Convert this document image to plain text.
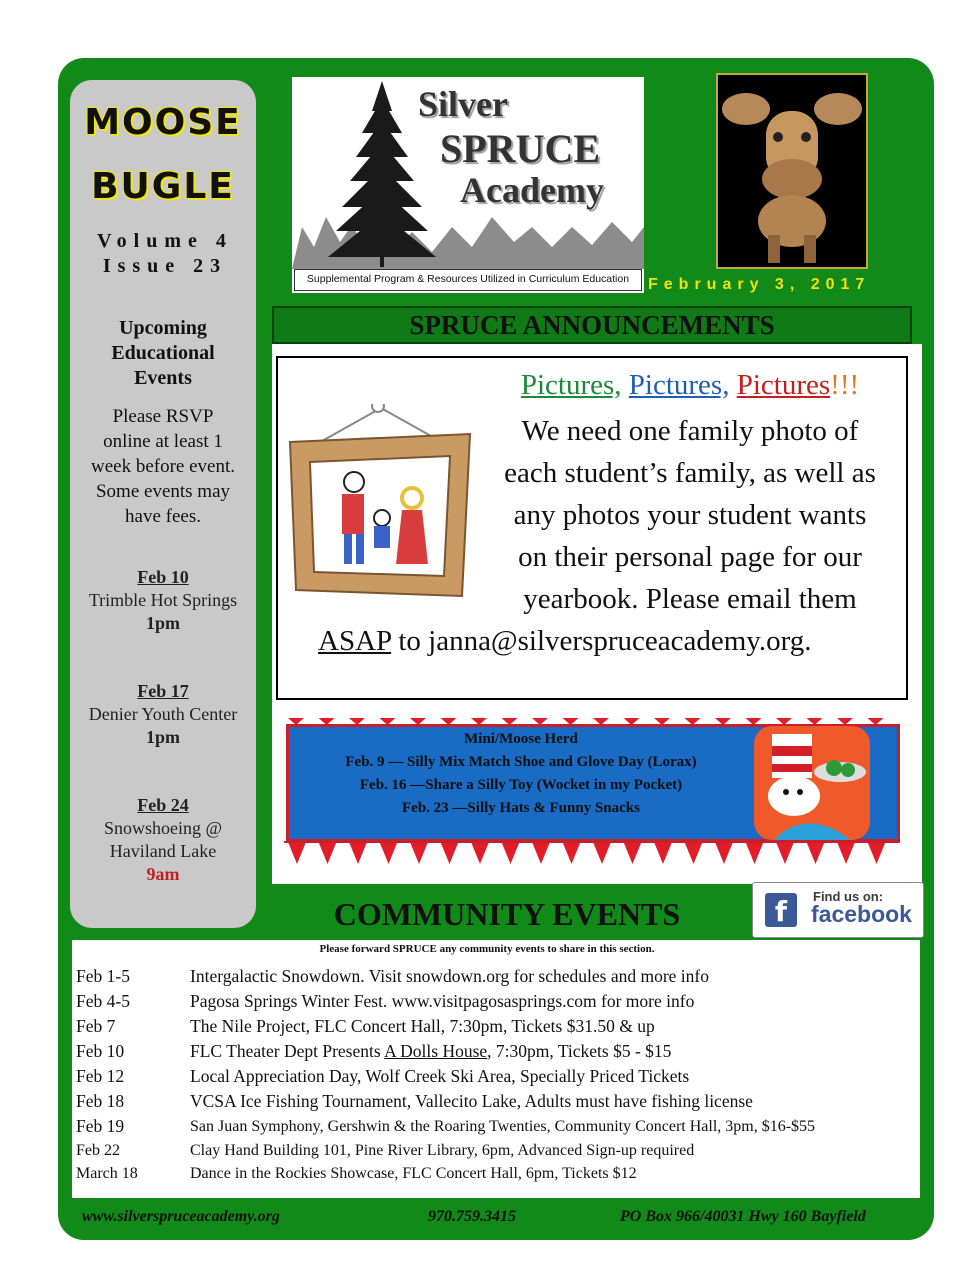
MOOSE
BUGLE
Volume 4
Issue 23
Upcoming
Educational
Events
Please RSVP
online at least 1
week before event.
Some events may
have fees.
Feb 10
Trimble Hot Springs
1pm
Feb 17
Denier Youth Center
1pm
Feb 24
Snowshoeing @
Haviland Lake
9am
Silver
SPRUCE
Academy
Supplemental Program & Resources Utilized in Curriculum Education	February 3, 2017
SPRUCE ANNOUNCEMENTS
Pictures, Pictures, Pictures!!!
We need one family photo of
each student’s family, as well as
any photos your student wants
on their personal page for our
yearbook. Please email them
ASAP to janna@silverspruceacademy.org.
Mini/Moose Herd
Feb. 9 — Silly Mix Match Shoe and Glove Day (Lorax)
Feb. 16 —Share a Silly Toy (Wocket in my Pocket)
Feb. 23 —Silly Hats & Funny Snacks
COMMUNITY EVENTS	f	Find us on:
facebook
Please forward SPRUCE any community events to share in this section.
Feb 1-5	Intergalactic Snowdown. Visit snowdown.org for schedules and more info
Feb 4-5	Pagosa Springs Winter Fest. www.visitpagosasprings.com for more info
Feb 7	The Nile Project, FLC Concert Hall, 7:30pm, Tickets $31.50 & up
Feb 10	FLC Theater Dept Presents A Dolls House, 7:30pm, Tickets $5 - $15
Feb 12	Local Appreciation Day, Wolf Creek Ski Area, Specially Priced Tickets
Feb 18	VCSA Ice Fishing Tournament, Vallecito Lake, Adults must have fishing license
Feb 19	San Juan Symphony, Gershwin & the Roaring Twenties, Community Concert Hall, 3pm, $16-$55
Feb 22	Clay Hand Building 101, Pine River Library, 6pm, Advanced Sign-up required
March 18	Dance in the Rockies Showcase, FLC Concert Hall, 6pm, Tickets $12
www.silverspruceacademy.org	970.759.3415	PO Box 966/40031 Hwy 160 Bayfield
